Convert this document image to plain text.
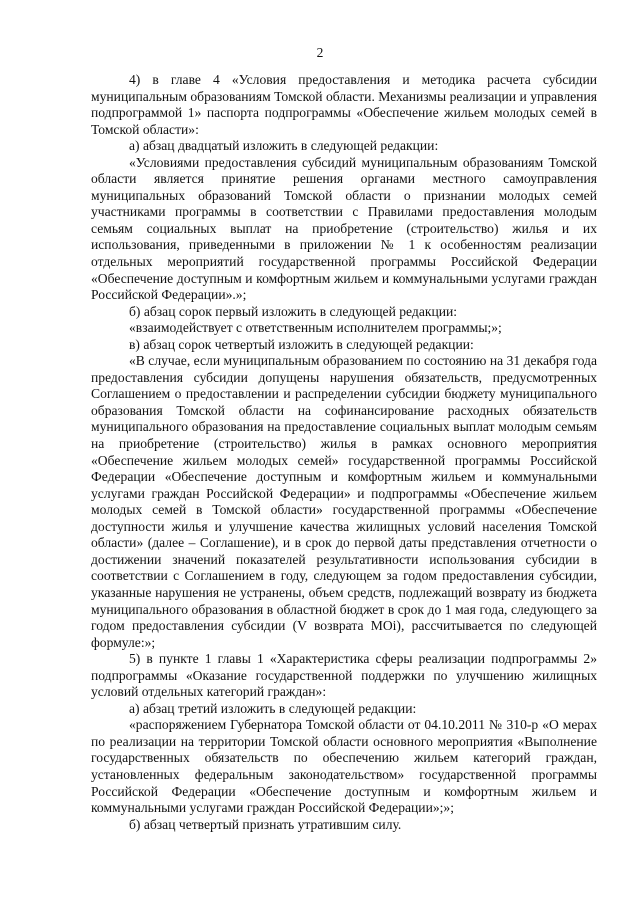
2

4) в главе 4 «Условия предоставления и методика расчета субсидии муниципальным образованиям Томской области. Механизмы реализации и управления подпрограммой 1» паспорта подпрограммы «Обеспечение жильем молодых семей в Томской области»:

а) абзац двадцатый изложить в следующей редакции:

«Условиями предоставления субсидий муниципальным образованиям Томской области является принятие решения органами местного самоуправления муниципальных образований Томской области о признании молодых семей участниками программы в соответствии с Правилами предоставления молодым семьям социальных выплат на приобретение (строительство) жилья и их использования, приведенными в приложении № 1 к особенностям реализации отдельных мероприятий государственной программы Российской Федерации «Обеспечение доступным и комфортным жильем и коммунальными услугами граждан Российской Федерации».»;

б) абзац сорок первый изложить в следующей редакции:

«взаимодействует с ответственным исполнителем программы;»;

в) абзац сорок четвертый изложить в следующей редакции:

«В случае, если муниципальным образованием по состоянию на 31 декабря года предоставления субсидии допущены нарушения обязательств, предусмотренных Соглашением о предоставлении и распределении субсидии бюджету муниципального образования Томской области на софинансирование расходных обязательств муниципального образования на предоставление социальных выплат молодым семьям на приобретение (строительство) жилья в рамках основного мероприятия «Обеспечение жильем молодых семей» государственной программы Российской Федерации «Обеспечение доступным и комфортным жильем и коммунальными услугами граждан Российской Федерации» и подпрограммы «Обеспечение жильем молодых семей в Томской области» государственной программы «Обеспечение доступности жилья и улучшение качества жилищных условий населения Томской области» (далее – Соглашение), и в срок до первой даты представления отчетности о достижении значений показателей результативности использования субсидии в соответствии с Соглашением в году, следующем за годом предоставления субсидии, указанные нарушения не устранены, объем средств, подлежащий возврату из бюджета муниципального образования в областной бюджет в срок до 1 мая года, следующего за годом предоставления субсидии (V возврата МОi), рассчитывается по следующей формуле:»;

5) в пункте 1 главы 1 «Характеристика сферы реализации подпрограммы 2» подпрограммы «Оказание государственной поддержки по улучшению жилищных условий отдельных категорий граждан»:

а) абзац третий изложить в следующей редакции:

«распоряжением Губернатора Томской области от 04.10.2011 № 310-р «О мерах по реализации на территории Томской области основного мероприятия «Выполнение государственных обязательств по обеспечению жильем категорий граждан, установленных федеральным законодательством» государственной программы Российской Федерации «Обеспечение доступным и комфортным жильем и коммунальными услугами граждан Российской Федерации»;»;

б) абзац четвертый признать утратившим силу.
